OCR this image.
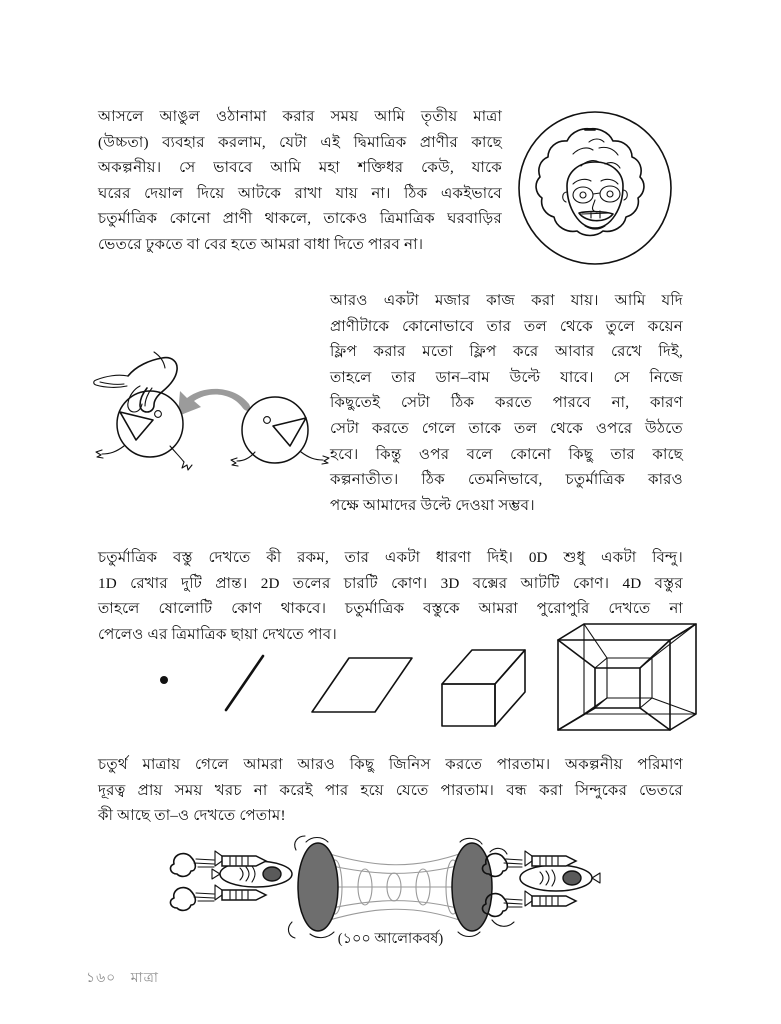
আসলে আঙুল ওঠানামা করার সময় আমি তৃতীয় মাত্রা
(উচ্চতা) ব্যবহার করলাম, যেটা এই দ্বিমাত্রিক প্রাণীর কাছে
অকল্পনীয়। সে ভাববে আমি মহা শক্তিধর কেউ, যাকে
ঘরের দেয়াল দিয়ে আটকে রাখা যায় না। ঠিক একইভাবে
চতুর্মাত্রিক কোনো প্রাণী থাকলে, তাকেও ত্রিমাত্রিক ঘরবাড়ির
ভেতরে ঢুকতে বা বের হতে আমরা বাধা দিতে পারব না।
আরও একটা মজার কাজ করা যায়। আমি যদি
প্রাণীটাকে কোনোভাবে তার তল থেকে তুলে কয়েন
ফ্লিপ করার মতো ফ্লিপ করে আবার রেখে দিই,
তাহলে তার ডান–বাম উল্টে যাবে। সে নিজে
কিছুতেই সেটা ঠিক করতে পারবে না, কারণ
সেটা করতে গেলে তাকে তল থেকে ওপরে উঠতে
হবে। কিন্তু ওপর বলে কোনো কিছু তার কাছে
কল্পনাতীত। ঠিক তেমনিভাবে, চতুর্মাত্রিক কারও
পক্ষে আমাদের উল্টে দেওয়া সম্ভব।
চতুর্মাত্রিক বস্তু দেখতে কী রকম, তার একটা ধারণা দিই। 0D শুধু একটা বিন্দু।
1D রেখার দুটি প্রান্ত। 2D তলের চারটি কোণ। 3D বক্সের আটটি কোণ। 4D বস্তুর
তাহলে ষোলোটি কোণ থাকবে। চতুর্মাত্রিক বস্তুকে আমরা পুরোপুরি দেখতে না
পেলেও এর ত্রিমাত্রিক ছায়া দেখতে পাব।
চতুর্থ মাত্রায় গেলে আমরা আরও কিছু জিনিস করতে পারতাম। অকল্পনীয় পরিমাণ
দূরত্ব প্রায় সময় খরচ না করেই পার হয়ে যেতে পারতাম। বন্ধ করা সিন্দুকের ভেতরে
কী আছে তা–ও দেখতে পেতাম!
(১০০ আলোকবর্ষ)
১৬০ মাত্রা
